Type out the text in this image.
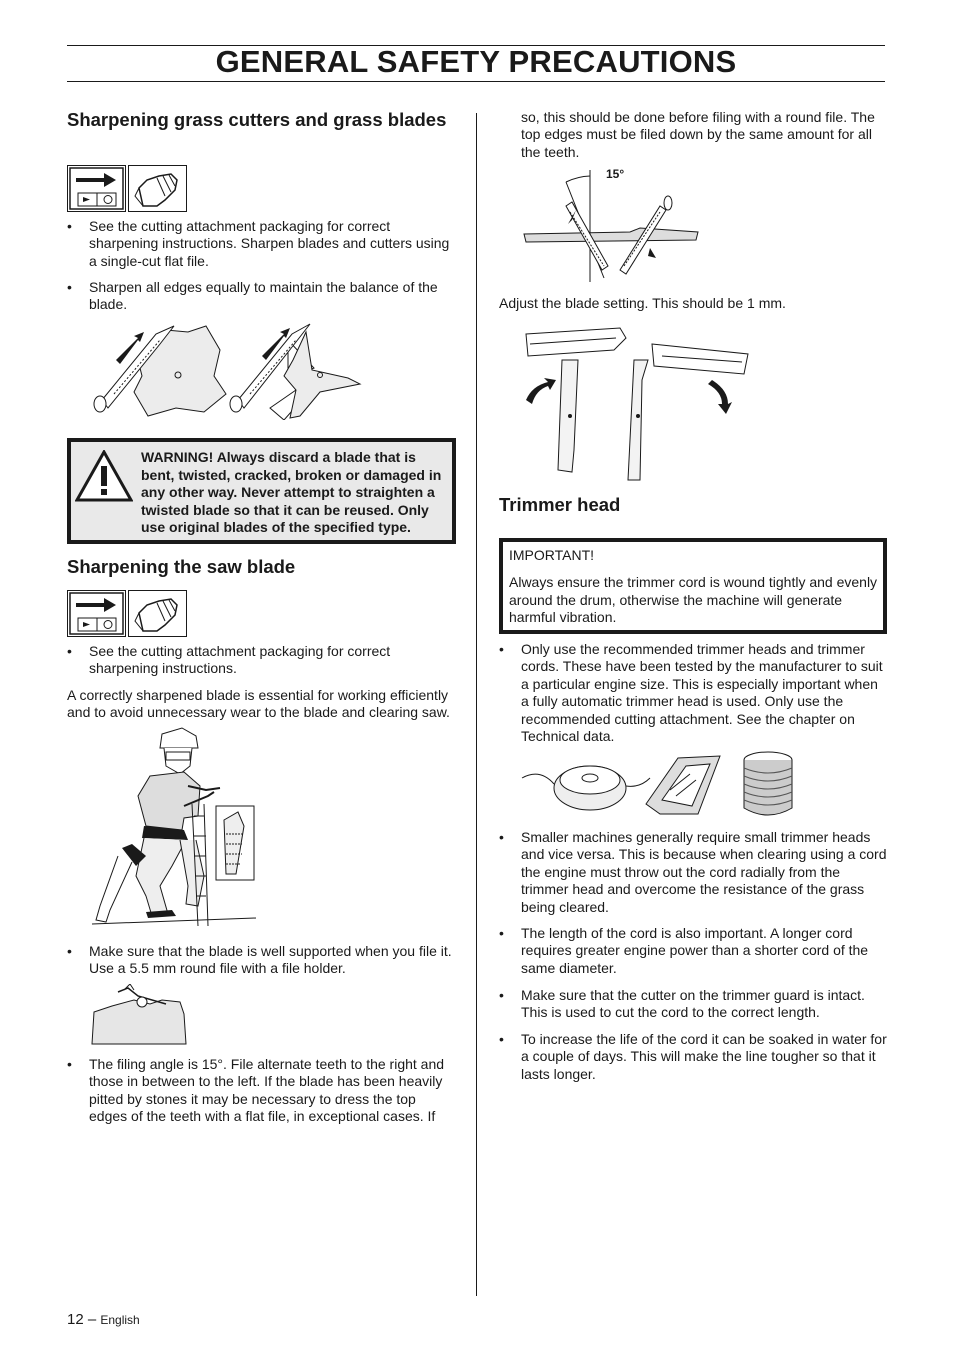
GENERAL SAFETY PRECAUTIONS
Sharpening grass cutters and grass blades
• See the cutting attachment packaging for correct sharpening instructions. Sharpen blades and cutters using a single-cut flat file.
• Sharpen all edges equally to maintain the balance of the blade.
WARNING! Always discard a blade that is bent, twisted, cracked, broken or damaged in any other way. Never attempt to straighten a twisted blade so that it can be reused. Only use original blades of the specified type.
Sharpening the saw blade
• See the cutting attachment packaging for correct sharpening instructions.

A correctly sharpened blade is essential for working efficiently and to avoid unnecessary wear to the blade and clearing saw.

• Make sure that the blade is well supported when you file it. Use a 5.5 mm round file with a file holder.
• The filing angle is 15°. File alternate teeth to the right and those in between to the left. If the blade has been heavily pitted by stones it may be necessary to dress the top edges of the teeth with a flat file, in exceptional cases. If

so, this should be done before filing with a round file. The top edges must be filed down by the same amount for all the teeth.

15°

Adjust the blade setting. This should be 1 mm.

Trimmer head
IMPORTANT!
Always ensure the trimmer cord is wound tightly and evenly around the drum, otherwise the machine will generate harmful vibration.
• Only use the recommended trimmer heads and trimmer cords. These have been tested by the manufacturer to suit a particular engine size. This is especially important when a fully automatic trimmer head is used. Only use the recommended cutting attachment. See the chapter on Technical data.
• Smaller machines generally require small trimmer heads and vice versa. This is because when clearing using a cord the engine must throw out the cord radially from the trimmer head and overcome the resistance of the grass being cleared.
• The length of the cord is also important. A longer cord requires greater engine power than a shorter cord of the same diameter.
• Make sure that the cutter on the trimmer guard is intact. This is used to cut the cord to the correct length.
• To increase the life of the cord it can be soaked in water for a couple of days. This will make the line tougher so that it lasts longer.
12 – English
